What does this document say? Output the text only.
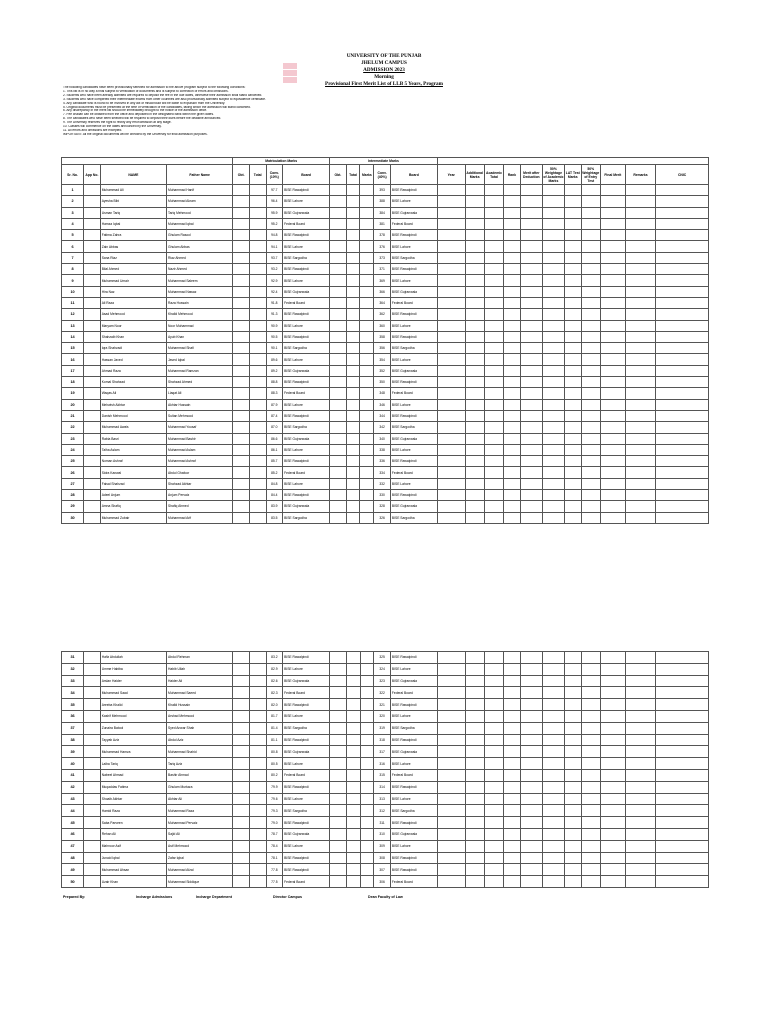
UNIVERSITY OF THE PUNJAB
JHELUM CAMPUS
ADMISSION 2023
Morning
Provisional First Merit List of LLB 5 Years, Program
The following candidates have been provisionally selected for admission to the above program subject to the following conditions:
1. This list is in no way a final subject to verification of documents and is subject to correction of errors and omissions.
2. Students who have been already admitted are required to deposit the fee in the due dates, otherwise their admission shall stand cancelled.
3. Students who have completed their intermediate exams from other countries are also provisionally admitted subject to equivalence certificate.
4. Any candidate who is found to be involved in any act of misconduct will be liable to expulsion from the University.
5. Original documents must be presented at the time of verification of the candidates, failing which the admission will stand cancelled.
6. Any discrepancy in the merit list should be immediately brought to the notice of the admission office.
7. Fee challan can be obtained from the office and deposited in the designated bank within the given dates.
8. The candidates who have been selected will be required to deposit their dues before the deadline announced.
9. The University reserves the right to rectify any error/omission at any stage.
10. Classes will commence on the dates announced by the University.
11. All errors and omissions are excepted.
IMPORTANT: All the original documents will be checked by the University for final admission purposes.
				Matriculation Marks				Intermediate Marks															
Sr. No.	App No.	NAME	Father Name	Obt.	Total	Conv. (10%)	Board	Obt.	Total	Marks	Conv. (40%)	Board	Year	Additional Marks	Academic Total	Rank	Merit after Deduction	50% Weightage of Academic Marks	LAT Test Marks	50% Weightage of Entry Test	Final Merit	Remarks	CNIC
1		Muhammad Ali	Muhammad Hanif			97.7	BISE Rawalpindi				393	BISE Rawalpindi											
2		Ayesha Bibi	Muhammad Akram			96.4	BISE Lahore				388	BISE Lahore											
3		Usman Tariq	Tariq Mehmood			95.9	BISE Gujranwala				384	BISE Gujranwala											
4		Hamza Iqbal	Muhammad Iqbal			95.2	Federal Board				381	Federal Board											
5		Fatima Zahra	Ghulam Rasool			94.8	BISE Rawalpindi				378	BISE Rawalpindi											
6		Zain Abbas	Ghulam Abbas			94.1	BISE Lahore				376	BISE Lahore											
7		Sana Riaz	Riaz Ahmed			93.7	BISE Sargodha				373	BISE Sargodha											
8		Bilal Ahmed	Nazir Ahmed			93.2	BISE Rawalpindi				371	BISE Rawalpindi											
9		Muhammad Umair	Muhammad Saleem			92.9	BISE Lahore				369	BISE Lahore											
10		Hira Naz	Muhammad Nawaz			92.4	BISE Gujranwala				366	BISE Gujranwala											
11		Ali Raza	Raza Hussain			91.8	Federal Board				364	Federal Board											
12		Asad Mehmood	Khalid Mehmood			91.3	BISE Rawalpindi				362	BISE Rawalpindi											
13		Maryam Noor	Noor Muhammad			90.9	BISE Lahore				360	BISE Lahore											
14		Shahzaib Khan	Ayub Khan			90.5	BISE Rawalpindi				358	BISE Rawalpindi											
15		Iqra Shahzadi	Muhammad Shafi			90.1	BISE Sargodha				356	BISE Sargodha											
16		Hassan Javed	Javed Iqbal			89.6	BISE Lahore				354	BISE Lahore											
17		Ahmad Raza	Muhammad Ramzan			89.2	BISE Gujranwala				352	BISE Gujranwala											
18		Komal Shahzad	Shahzad Ahmed			88.8	BISE Rawalpindi				350	BISE Rawalpindi											
19		Waqas Ali	Liaqat Ali			88.3	Federal Board				348	Federal Board											
20		Mehwish Akhtar	Akhtar Hussain			87.9	BISE Lahore				346	BISE Lahore											
21		Danish Mehmood	Sultan Mehmood			87.4	BISE Rawalpindi				344	BISE Rawalpindi											
22		Muhammad Awais	Muhammad Yousaf			87.0	BISE Sargodha				342	BISE Sargodha											
23		Rabia Basri	Muhammad Bashir			86.6	BISE Gujranwala				340	BISE Gujranwala											
24		Talha Aslam	Muhammad Aslam			86.1	BISE Lahore				338	BISE Lahore											
25		Noman Ashraf	Muhammad Ashraf			85.7	BISE Rawalpindi				336	BISE Rawalpindi											
26		Sidra Kanwal	Abdul Ghafoor			85.2	Federal Board				334	Federal Board											
27		Faisal Shahzad	Shahzad Akhtar			84.8	BISE Lahore				332	BISE Lahore											
28		Adeel Anjum	Anjum Pervaiz			84.4	BISE Rawalpindi				330	BISE Rawalpindi											
29		Amna Shafiq	Shafiq Ahmed			83.9	BISE Gujranwala				328	BISE Gujranwala											
30		Muhammad Zubair	Muhammad Arif			83.5	BISE Sargodha				326	BISE Sargodha											
31		Hafiz Abdullah	Abdul Rehman			83.2	BISE Rawalpindi				325	BISE Rawalpindi											
32		Umme Habiba	Habib Ullah			82.9	BISE Lahore				324	BISE Lahore											
33		Arslan Haider	Haider Ali			82.6	BISE Gujranwala				323	BISE Gujranwala											
34		Muhammad Saad	Muhammad Saeed			82.3	Federal Board				322	Federal Board											
35		Areeba Khalid	Khalid Hussain			82.0	BISE Rawalpindi				321	BISE Rawalpindi											
36		Kashif Mehmood	Arshad Mehmood			81.7	BISE Lahore				320	BISE Lahore											
37		Zunaira Batool	Syed Anwar Shah			81.4	BISE Sargodha				319	BISE Sargodha											
38		Tayyab Aziz	Abdul Aziz			81.1	BISE Rawalpindi				318	BISE Rawalpindi											
39		Muhammad Hamza	Muhammad Shahid			80.8	BISE Gujranwala				317	BISE Gujranwala											
40		Laiba Tariq	Tariq Aziz			80.5	BISE Lahore				316	BISE Lahore											
41		Nabeel Ahmad	Bashir Ahmad			80.2	Federal Board				315	Federal Board											
42		Muqaddas Fatima	Ghulam Murtaza			79.9	BISE Rawalpindi				314	BISE Rawalpindi											
43		Shoaib Akhtar	Akhtar Ali			79.6	BISE Lahore				313	BISE Lahore											
44		Hamid Raza	Muhammad Raza			79.3	BISE Sargodha				312	BISE Sargodha											
45		Saba Parveen	Muhammad Pervaiz			79.0	BISE Rawalpindi				311	BISE Rawalpindi											
46		Rehan Ali	Sajid Ali			78.7	BISE Gujranwala				310	BISE Gujranwala											
47		Mahnoor Asif	Asif Mehmood			78.4	BISE Lahore				309	BISE Lahore											
48		Junaid Iqbal	Zafar Iqbal			78.1	BISE Rawalpindi				308	BISE Rawalpindi											
49		Muhammad Ahsan	Muhammad Afzal			77.8	BISE Rawalpindi				307	BISE Rawalpindi											
50		Uzair Khan	Muhammad Siddique			77.5	Federal Board				306	Federal Board											
Prepared By:	Incharge Admissions	Incharge Department	Director Campus	Dean Faculty of Law
